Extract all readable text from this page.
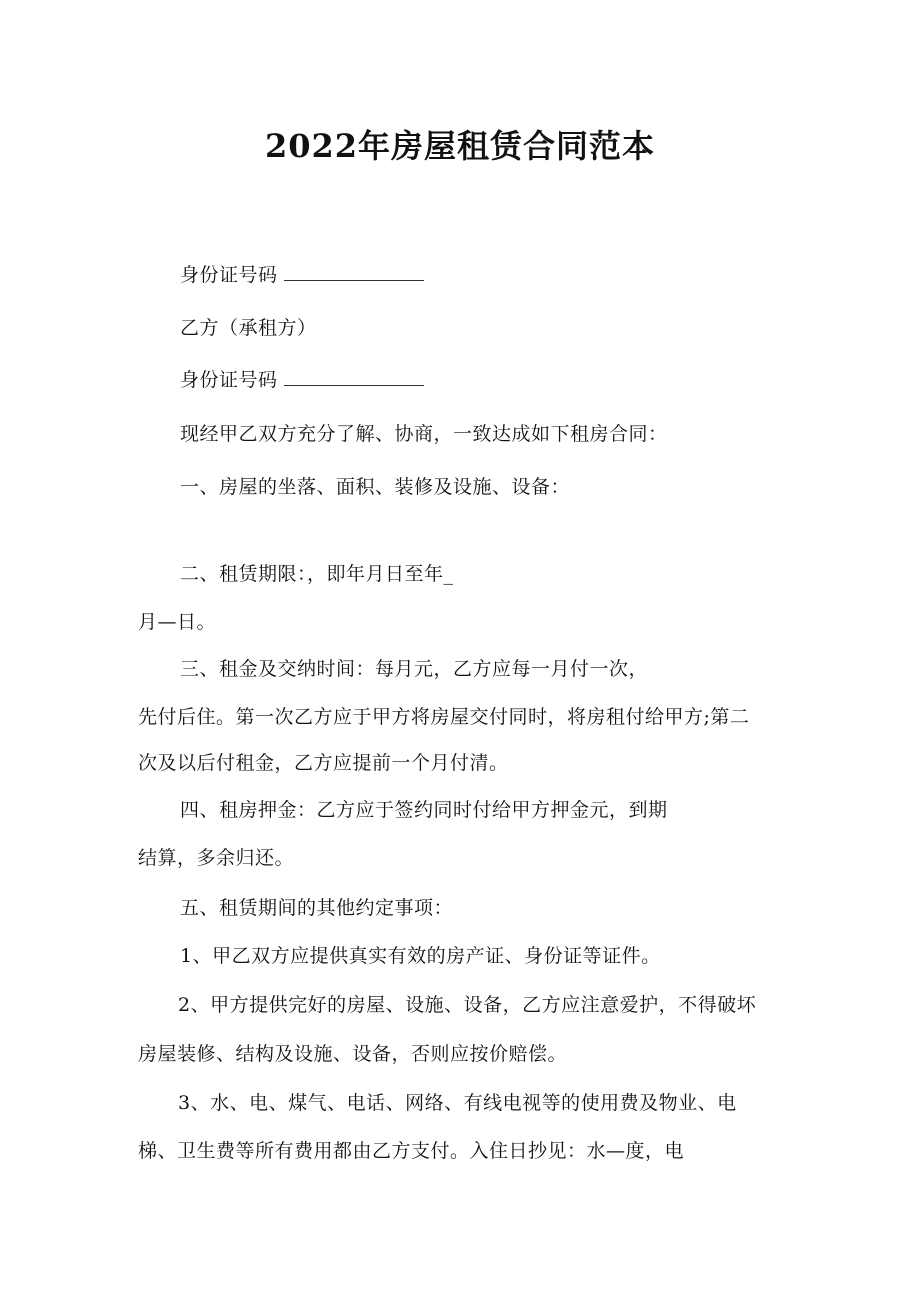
2022年房屋租赁合同范本
身份证号码
乙方（承租方）
身份证号码
现经甲乙双方充分了解、协商，一致达成如下租房合同：
一、房屋的坐落、面积、装修及设施、设备：
二、租赁期限：，即年月日至年_
月—日。
三、租金及交纳时间：每月元，乙方应每一月付一次，
先付后住。第一次乙方应于甲方将房屋交付同时，将房租付给甲方;第二
次及以后付租金，乙方应提前一个月付清。
四、租房押金：乙方应于签约同时付给甲方押金元，到期
结算，多余归还。
五、租赁期间的其他约定事项：
1、甲乙双方应提供真实有效的房产证、身份证等证件。
2、甲方提供完好的房屋、设施、设备，乙方应注意爱护，不得破坏
房屋装修、结构及设施、设备，否则应按价赔偿。
3、水、电、煤气、电话、网络、有线电视等的使用费及物业、电
梯、卫生费等所有费用都由乙方支付。入住日抄见：水—度，电
